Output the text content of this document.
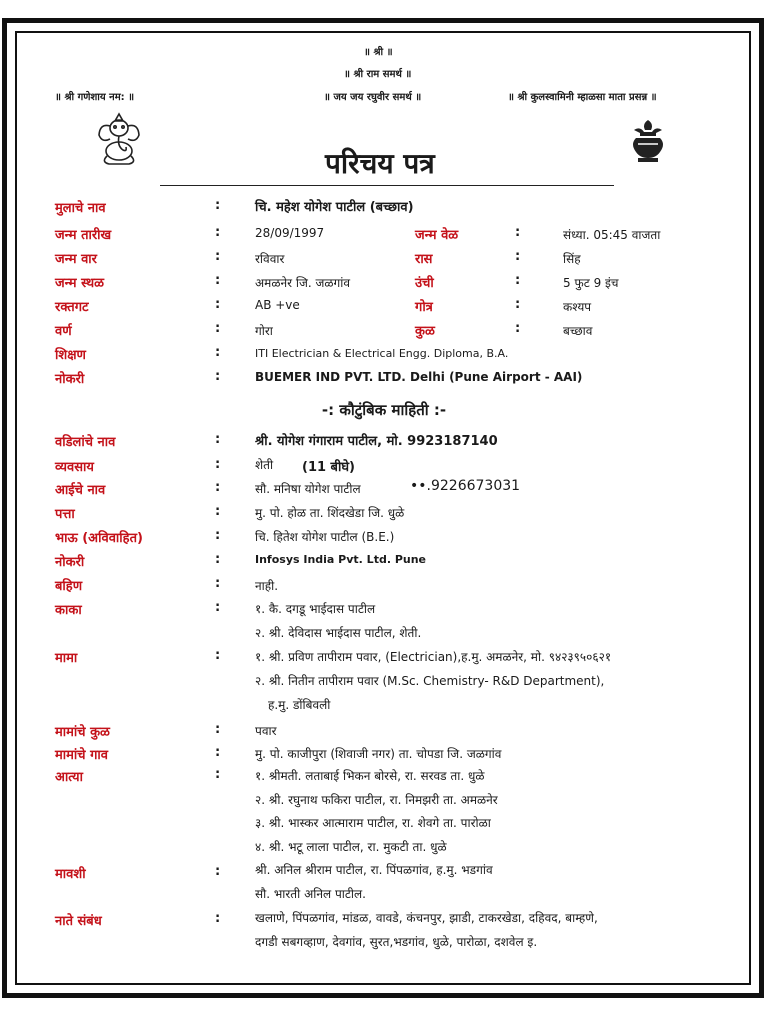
॥ श्री ॥
॥ श्री राम समर्थ ॥
॥ श्री गणेशाय नम: ॥	॥ जय जय रघुवीर समर्थ ॥	॥ श्री कुलस्वामिनी म्हाळसा माता प्रसन्न ॥
परिचय पत्र
मुलाचे नाव	:	चि. महेश योगेश पाटील (बच्छाव)
जन्म तारीख	:	28/09/1997	जन्म वेळ	:	संध्या. 05:45 वाजता
जन्म वार	:	रविवार	रास	:	सिंह
जन्म स्थळ	:	अमळनेर जि. जळगांव	उंची	:	5 फुट 9 इंच
रक्तगट	:	AB +ve	गोत्र	:	कश्यप
वर्ण	:	गोरा	कुळ	:	बच्छाव
शिक्षण	:	ITI Electrician & Electrical Engg. Diploma, B.A.
नोकरी	:	BUEMER IND PVT. LTD. Delhi (Pune Airport - AAI)
-: कौटुंबिक माहिती :-
वडिलांचे नाव	:	श्री. योगेश गंगाराम पाटील, मो. 9923187140
व्यवसाय	:	शेती (11 बीघे)
आईचे नाव	:	सौ. मनिषा योगेश पाटील	••.9226673031
पत्ता	:	मु. पो. होळ ता. शिंदखेडा जि. धुळे
भाऊ (अविवाहित)	:	चि. हितेश योगेश पाटील (B.E.)
नोकरी	:	Infosys India Pvt. Ltd. Pune
बहिण	:	नाही.
काका	:	१. कै. दगडू भाईदास पाटील
२. श्री. देविदास भाईदास पाटील, शेती.
मामा	:	१. श्री. प्रविण तापीराम पवार, (Electrician),ह.मु. अमळनेर, मो. ९४२३९५०६२१
२. श्री. नितीन तापीराम पवार (M.Sc. Chemistry- R&D Department),
ह.मु. डोंबिवली
मामांचे कुळ	:	पवार
मामांचे गाव	:	मु. पो. काजीपुरा (शिवाजी नगर) ता. चोपडा जि. जळगांव
आत्या	:	१. श्रीमती. लताबाई भिकन बोरसे, रा. सरवड ता. धुळे
२. श्री. रघुनाथ फकिरा पाटील, रा. निमझरी ता. अमळनेर
३. श्री. भास्कर आत्माराम पाटील, रा. शेवगे ता. पारोळा
४. श्री. भटू लाला पाटील, रा. मुकटी ता. धुळे
मावशी	:	श्री. अनिल श्रीराम पाटील, रा. पिंपळगांव, ह.मु. भडगांव
सौ. भारती अनिल पाटील.
नाते संबंध	:	खलाणे, पिंपळगांव, मांडळ, वावडे, कंचनपुर, झाडी, टाकरखेडा, दहिवद, बाम्हणे,
दगडी सबगव्हाण, देवगांव, सुरत,भडगांव, धुळे, पारोळा, दशवेल इ.
